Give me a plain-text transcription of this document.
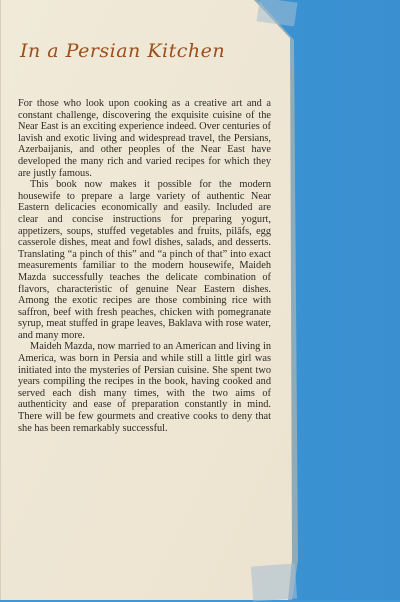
In a Persian Kitchen

For those who look upon cooking as a creative art and a constant challenge, discovering the exquisite cuisine of the Near East is an exciting experience indeed. Over centuries of lavish and exotic living and widespread travel, the Persians, Azerbaijanis, and other peoples of the Near East have developed the many rich and varied recipes for which they are justly famous.

This book now makes it possible for the modern housewife to prepare a large variety of authentic Near Eastern delicacies economically and easily. Included are clear and concise instructions for preparing yogurt, appetizers, soups, stuffed vegetables and fruits, pilāfs, egg casserole dishes, meat and fowl dishes, salads, and desserts. Translating “a pinch of this” and “a pinch of that” into exact measurements familiar to the modern housewife, Maideh Mazda successfully teaches the delicate combination of flavors, characteristic of genuine Near Eastern dishes. Among the exotic recipes are those combining rice with saffron, beef with fresh peaches, chicken with pomegranate syrup, meat stuffed in grape leaves, Baklava with rose water, and many more.

Maideh Mazda, now married to an American and living in America, was born in Persia and while still a little girl was initiated into the mysteries of Persian cuisine. She spent two years compiling the recipes in the book, having cooked and served each dish many times, with the two aims of authenticity and ease of preparation constantly in mind. There will be few gourmets and creative cooks to deny that she has been remarkably successful.
